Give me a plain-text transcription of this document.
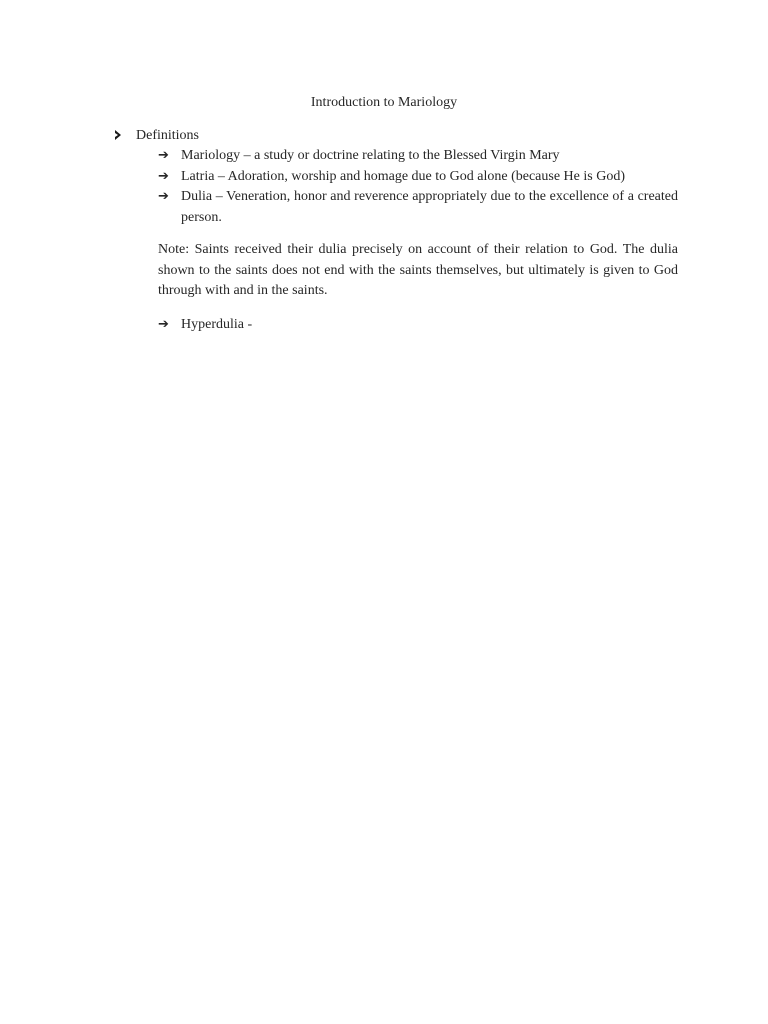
Introduction to Mariology
Definitions
➔ Mariology – a study or doctrine relating to the Blessed Virgin Mary
➔ Latria – Adoration, worship and homage due to God alone (because He is God)
➔ Dulia – Veneration, honor and reverence appropriately due to the excellence of a created person.
Note: Saints received their dulia precisely on account of their relation to God. The dulia shown to the saints does not end with the saints themselves, but ultimately is given to God through with and in the saints.
➔ Hyperdulia -
